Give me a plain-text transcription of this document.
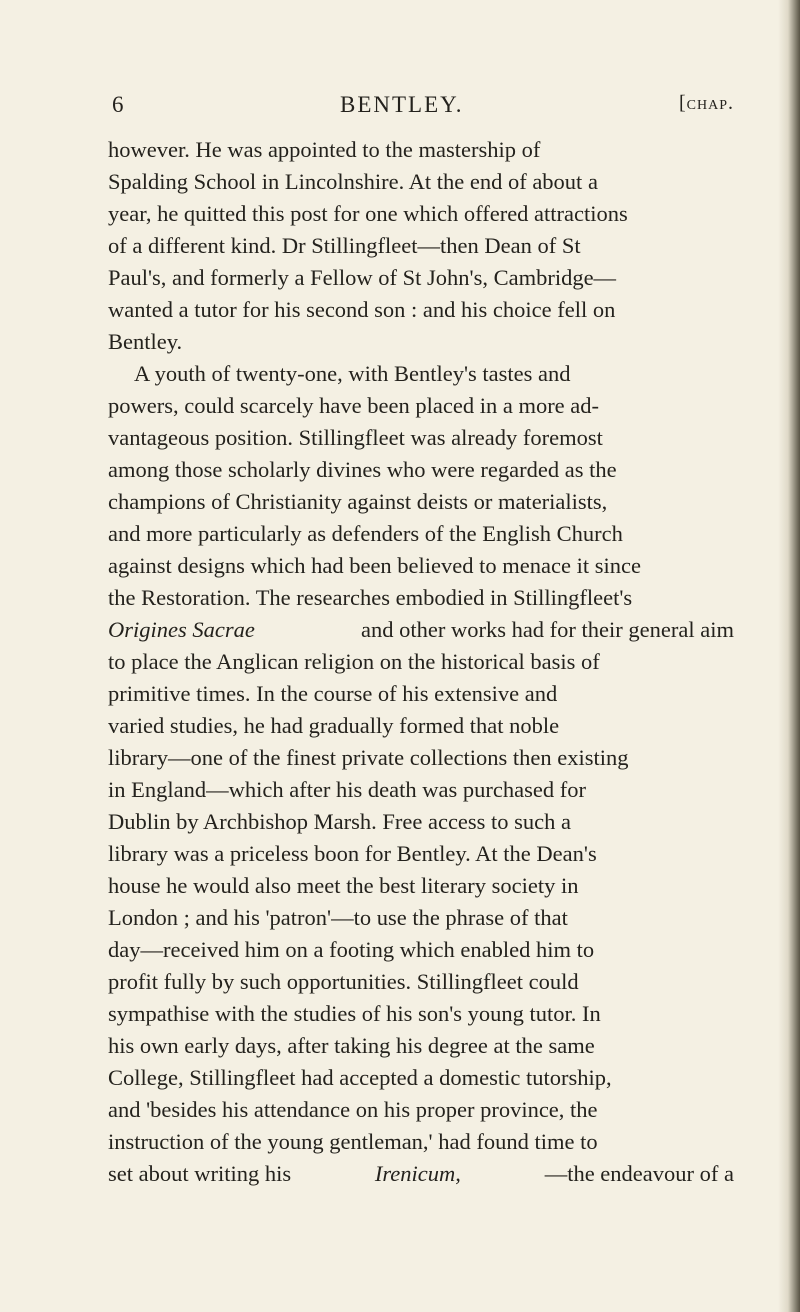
6	BENTLEY.	[chap.
however. He was appointed to the mastership of
Spalding School in Lincolnshire. At the end of about a
year, he quitted this post for one which offered attractions
of a different kind. Dr Stillingfleet—then Dean of St
Paul's, and formerly a Fellow of St John's, Cambridge—
wanted a tutor for his second son : and his choice fell on
Bentley.
A youth of twenty-one, with Bentley's tastes and
powers, could scarcely have been placed in a more ad-
vantageous position. Stillingfleet was already foremost
among those scholarly divines who were regarded as the
champions of Christianity against deists or materialists,
and more particularly as defenders of the English Church
against designs which had been believed to menace it since
the Restoration. The researches embodied in Stillingfleet's
Origines Sacrae	and other works had for their general aim
to place the Anglican religion on the historical basis of
primitive times. In the course of his extensive and
varied studies, he had gradually formed that noble
library—one of the finest private collections then existing
in England—which after his death was purchased for
Dublin by Archbishop Marsh. Free access to such a
library was a priceless boon for Bentley. At the Dean's
house he would also meet the best literary society in
London ; and his 'patron'—to use the phrase of that
day—received him on a footing which enabled him to
profit fully by such opportunities. Stillingfleet could
sympathise with the studies of his son's young tutor. In
his own early days, after taking his degree at the same
College, Stillingfleet had accepted a domestic tutorship,
and 'besides his attendance on his proper province, the
instruction of the young gentleman,' had found time to
set about writing his	Irenicum,	—the endeavour of a
